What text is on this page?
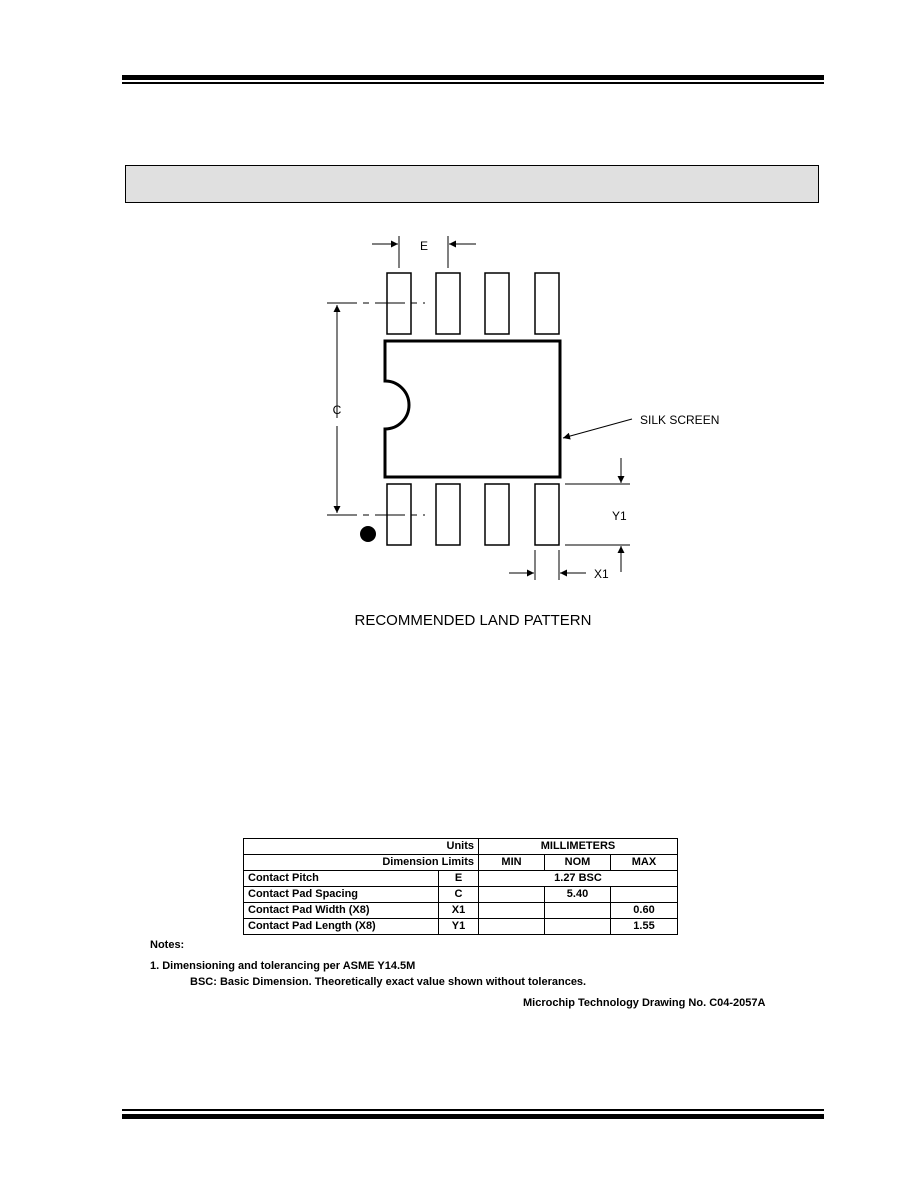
E
C
SILK SCREEN
Y1
X1
RECOMMENDED LAND PATTERN
Units		MILLIMETERS		
Dimension Limits		MIN	NOM	MAX
Contact Pitch	E	1.27 BSC		
Contact Pad Spacing	C		5.40	
Contact Pad Width (X8)	X1			0.60
Contact Pad Length (X8)	Y1			1.55
Notes:
1. Dimensioning and tolerancing per ASME Y14.5M
BSC: Basic Dimension. Theoretically exact value shown without tolerances.
Microchip Technology Drawing No. C04-2057A
